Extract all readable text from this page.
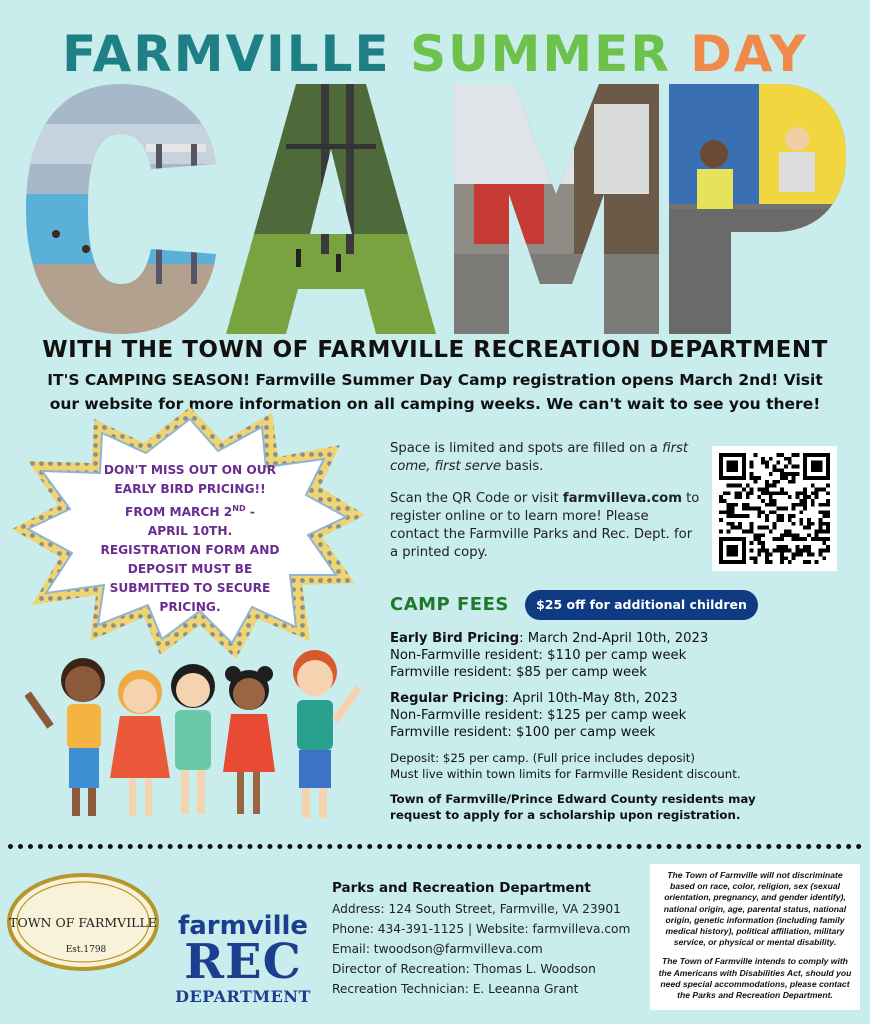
FARMVILLE SUMMER DAY
WITH THE TOWN OF FARMVILLE RECREATION DEPARTMENT
IT'S CAMPING SEASON! Farmville Summer Day Camp registration opens March 2nd! Visit our website for more information on all camping weeks. We can't wait to see you there!
DON'T MISS OUT ON OUR
EARLY BIRD PRICING!!
FROM MARCH 2ND -
APRIL 10TH.
REGISTRATION FORM AND
DEPOSIT MUST BE
SUBMITTED TO SECURE
PRICING.

Space is limited and spots are filled on a first come, first serve basis.

Scan the QR Code or visit farmvilleva.com to register online or to learn more! Please contact the Farmville Parks and Rec. Dept. for a printed copy.

CAMP FEES	$25 off for additional children
Early Bird Pricing: March 2nd-April 10th, 2023
Non-Farmville resident: $110 per camp week
Farmville resident: $85 per camp week
Regular Pricing: April 10th-May 8th, 2023
Non-Farmville resident: $125 per camp week
Farmville resident: $100 per camp week
Deposit: $25 per camp. (Full price includes deposit)
Must live within town limits for Farmville Resident discount.
Town of Farmville/Prince Edward County residents may
request to apply for a scholarship upon registration.
TOWN OF FARMVILLE
Est.1798
farmville
REC
DEPARTMENT
Parks and Recreation Department
Address: 124 South Street, Farmville, VA 23901
Phone: 434-391-1125 | Website: farmvilleva.com
Email: twoodson@farmvilleva.com
Director of Recreation: Thomas L. Woodson
Recreation Technician: E. Leeanna Grant
The Town of Farmville will not discriminate based on race, color, religion, sex (sexual orientation, pregnancy, and gender identify), national origin, age, parental status, national origin, genetic information (including family medical history), political affiliation, military service, or physical or mental disability.
The Town of Farmville intends to comply with the Americans with Disabilities Act, should you need special accommodations, please contact the Parks and Recreation Department.
